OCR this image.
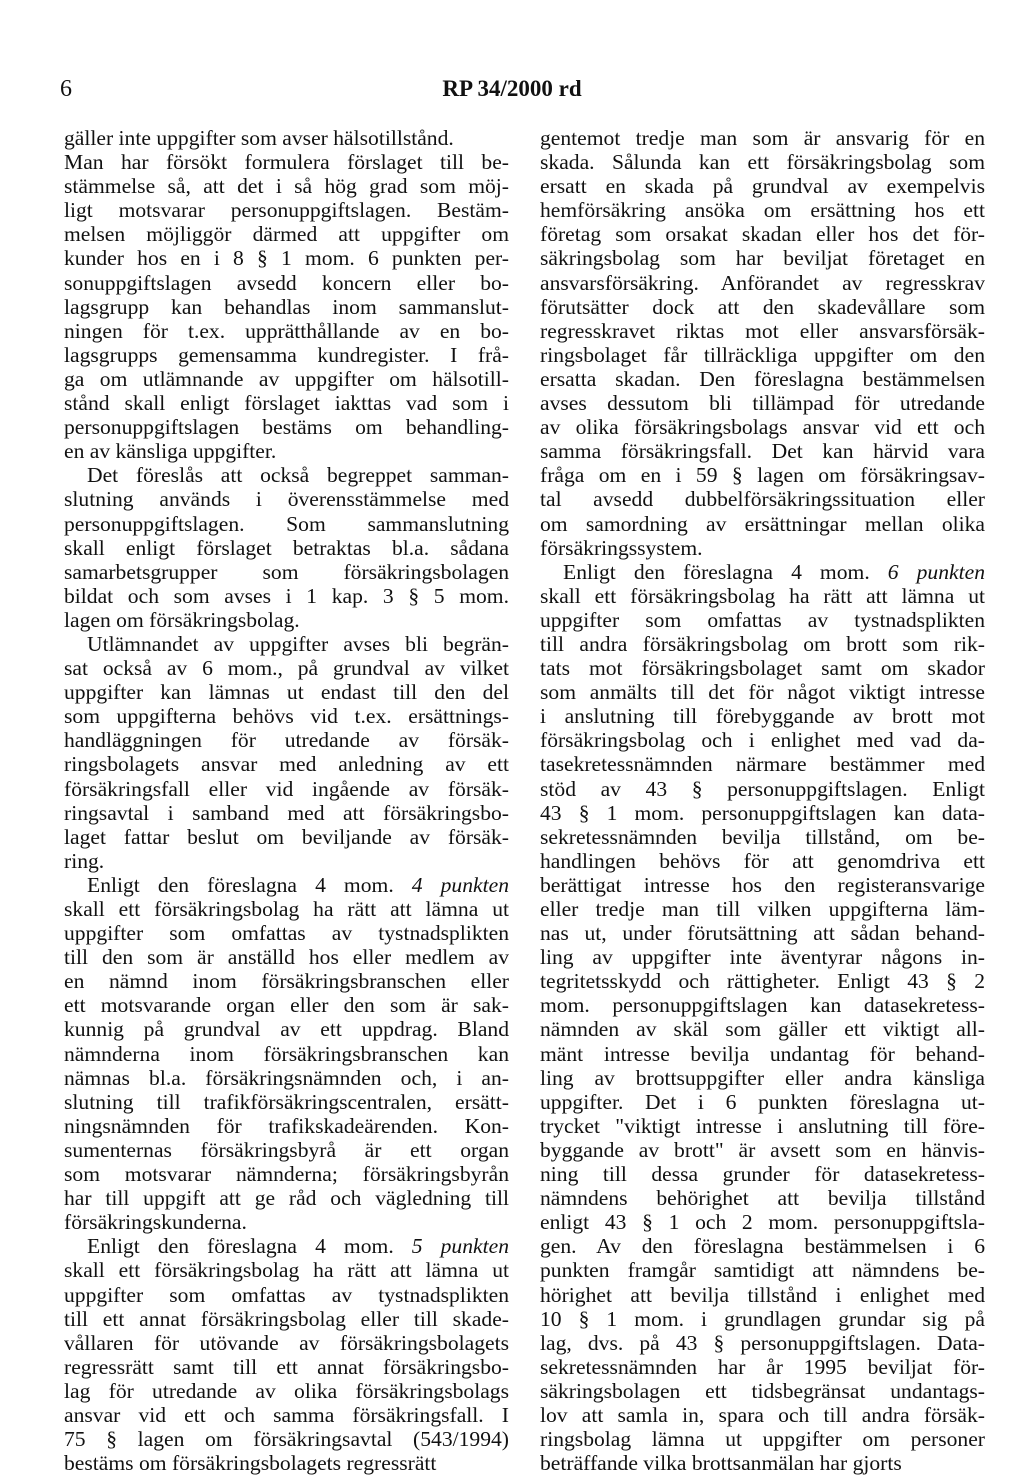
6	RP 34/2000 rd
gäller inte uppgifter som avser hälsotillstånd.
Man har försökt formulera förslaget till be-
stämmelse så, att det i så hög grad som möj-
ligt motsvarar personuppgiftslagen. Bestäm-
melsen möjliggör därmed att uppgifter om
kunder hos en i 8 § 1 mom. 6 punkten per-
sonuppgiftslagen avsedd koncern eller bo-
lagsgrupp kan behandlas inom sammanslut-
ningen för t.ex. upprätthållande av en bo-
lagsgrupps gemensamma kundregister. I frå-
ga om utlämnande av uppgifter om hälsotill-
stånd skall enligt förslaget iakttas vad som i
personuppgiftslagen bestäms om behandling-
en av känsliga uppgifter.
Det föreslås att också begreppet samman-
slutning används i överensstämmelse med
personuppgiftslagen. Som sammanslutning
skall enligt förslaget betraktas bl.a. sådana
samarbetsgrupper som försäkringsbolagen
bildat och som avses i 1 kap. 3 § 5 mom.
lagen om försäkringsbolag.
Utlämnandet av uppgifter avses bli begrän-
sat också av 6 mom., på grundval av vilket
uppgifter kan lämnas ut endast till den del
som uppgifterna behövs vid t.ex. ersättnings-
handläggningen för utredande av försäk-
ringsbolagets ansvar med anledning av ett
försäkringsfall eller vid ingående av försäk-
ringsavtal i samband med att försäkringsbo-
laget fattar beslut om beviljande av försäk-
ring.
Enligt den föreslagna 4 mom. 4 punkten
skall ett försäkringsbolag ha rätt att lämna ut
uppgifter som omfattas av tystnadsplikten
till den som är anställd hos eller medlem av
en nämnd inom försäkringsbranschen eller
ett motsvarande organ eller den som är sak-
kunnig på grundval av ett uppdrag. Bland
nämnderna inom försäkringsbranschen kan
nämnas bl.a. försäkringsnämnden och, i an-
slutning till trafikförsäkringscentralen, ersätt-
ningsnämnden för trafikskadeärenden. Kon-
sumenternas försäkringsbyrå är ett organ
som motsvarar nämnderna; försäkringsbyrån
har till uppgift att ge råd och vägledning till
försäkringskunderna.
Enligt den föreslagna 4 mom. 5 punkten
skall ett försäkringsbolag ha rätt att lämna ut
uppgifter som omfattas av tystnadsplikten
till ett annat försäkringsbolag eller till skade-
vållaren för utövande av försäkringsbolagets
regressrätt samt till ett annat försäkringsbo-
lag för utredande av olika försäkringsbolags
ansvar vid ett och samma försäkringsfall. I
75 § lagen om försäkringsavtal (543/1994)
bestäms om försäkringsbolagets regressrätt
gentemot tredje man som är ansvarig för en
skada. Sålunda kan ett försäkringsbolag som
ersatt en skada på grundval av exempelvis
hemförsäkring ansöka om ersättning hos ett
företag som orsakat skadan eller hos det för-
säkringsbolag som har beviljat företaget en
ansvarsförsäkring. Anförandet av regresskrav
förutsätter dock att den skadevållare som
regresskravet riktas mot eller ansvarsförsäk-
ringsbolaget får tillräckliga uppgifter om den
ersatta skadan. Den föreslagna bestämmelsen
avses dessutom bli tillämpad för utredande
av olika försäkringsbolags ansvar vid ett och
samma försäkringsfall. Det kan härvid vara
fråga om en i 59 § lagen om försäkringsav-
tal avsedd dubbelförsäkringssituation eller
om samordning av ersättningar mellan olika
försäkringssystem.
Enligt den föreslagna 4 mom. 6 punkten
skall ett försäkringsbolag ha rätt att lämna ut
uppgifter som omfattas av tystnadsplikten
till andra försäkringsbolag om brott som rik-
tats mot försäkringsbolaget samt om skador
som anmälts till det för något viktigt intresse
i anslutning till förebyggande av brott mot
försäkringsbolag och i enlighet med vad da-
tasekretessnämnden närmare bestämmer med
stöd av 43 § personuppgiftslagen. Enligt
43 § 1 mom. personuppgiftslagen kan data-
sekretessnämnden bevilja tillstånd, om be-
handlingen behövs för att genomdriva ett
berättigat intresse hos den registeransvarige
eller tredje man till vilken uppgifterna läm-
nas ut, under förutsättning att sådan behand-
ling av uppgifter inte äventyrar någons in-
tegritetsskydd och rättigheter. Enligt 43 § 2
mom. personuppgiftslagen kan datasekretess-
nämnden av skäl som gäller ett viktigt all-
mänt intresse bevilja undantag för behand-
ling av brottsuppgifter eller andra känsliga
uppgifter. Det i 6 punkten föreslagna ut-
trycket "viktigt intresse i anslutning till före-
byggande av brott" är avsett som en hänvis-
ning till dessa grunder för datasekretess-
nämndens behörighet att bevilja tillstånd
enligt 43 § 1 och 2 mom. personuppgiftsla-
gen. Av den föreslagna bestämmelsen i 6
punkten framgår samtidigt att nämndens be-
hörighet att bevilja tillstånd i enlighet med
10 § 1 mom. i grundlagen grundar sig på
lag, dvs. på 43 § personuppgiftslagen. Data-
sekretessnämnden har år 1995 beviljat för-
säkringsbolagen ett tidsbegränsat undantags-
lov att samla in, spara och till andra försäk-
ringsbolag lämna ut uppgifter om personer
beträffande vilka brottsanmälan har gjorts
